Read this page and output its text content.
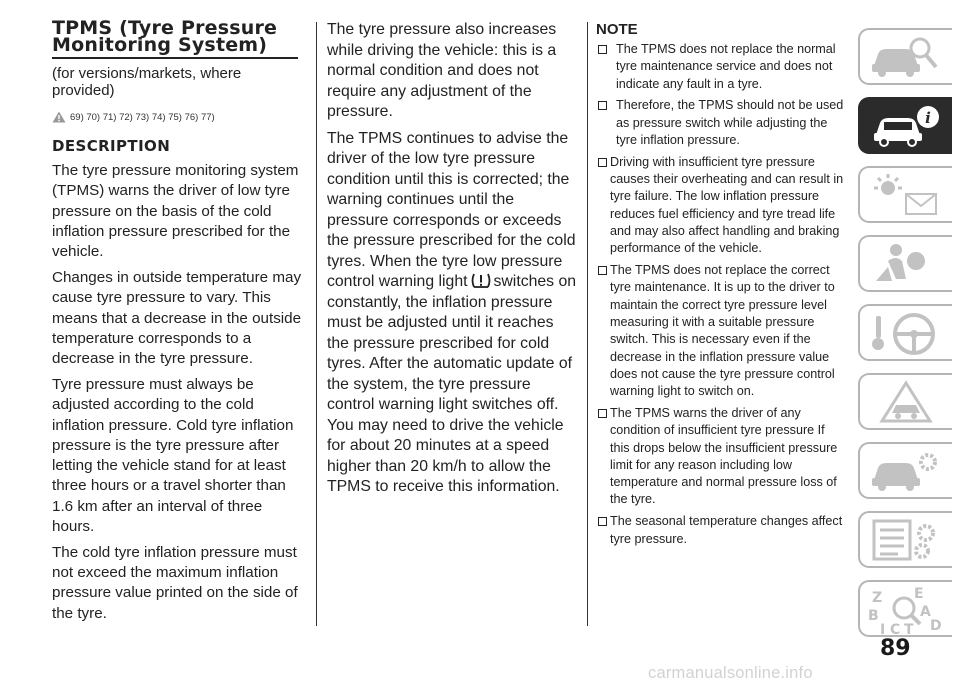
TPMS (Tyre Pressure Monitoring System)

(for versions/markets, where provided)

69) 70) 71) 72) 73) 74) 75) 76) 77)
DESCRIPTION

The tyre pressure monitoring system (TPMS) warns the driver of low tyre pressure on the basis of the cold inflation pressure prescribed for the vehicle.

Changes in outside temperature may cause tyre pressure to vary. This means that a decrease in the outside temperature corresponds to a decrease in the tyre pressure.

Tyre pressure must always be adjusted according to the cold inflation pressure. Cold tyre inflation pressure is the tyre pressure after letting the vehicle stand for at least three hours or a travel shorter than 1.6 km after an interval of three hours.

The cold tyre inflation pressure must not exceed the maximum inflation pressure value printed on the side of the tyre.

The tyre pressure also increases while driving the vehicle: this is a normal condition and does not require any adjustment of the pressure.

The TPMS continues to advise the driver of the low tyre pressure condition until this is corrected; the warning continues until the pressure corresponds or exceeds the pressure prescribed for the cold tyres. When the tyre low pressure control warning light switches on constantly, the inflation pressure must be adjusted until it reaches the pressure prescribed for cold tyres. After the automatic update of the system, the tyre pressure control warning light switches off. You may need to drive the vehicle for about 20 minutes at a speed higher than 20 km/h to allow the TPMS to receive this information.

NOTE
The TPMS does not replace the normal tyre maintenance service and does not indicate any fault in a tyre.
Therefore, the TPMS should not be used as pressure switch while adjusting the tyre inflation pressure.
Driving with insufficient tyre pressure causes their overheating and can result in tyre failure. The low inflation pressure reduces fuel efficiency and tyre tread life and may also affect handling and braking performance of the vehicle.
The TPMS does not replace the correct tyre maintenance. It is up to the driver to maintain the correct tyre pressure level measuring it with a suitable pressure switch. This is necessary even if the decrease in the inflation pressure value does not cause the tyre pressure control warning light to switch on.
The TPMS warns the driver of any condition of insufficient tyre pressure If this drops below the insufficient pressure limit for any reason including low temperature and normal pressure loss of the tyre.
The seasonal temperature changes affect tyre pressure.
i
Z E
B	A
C D
I T
89
carmanualsonline.info
